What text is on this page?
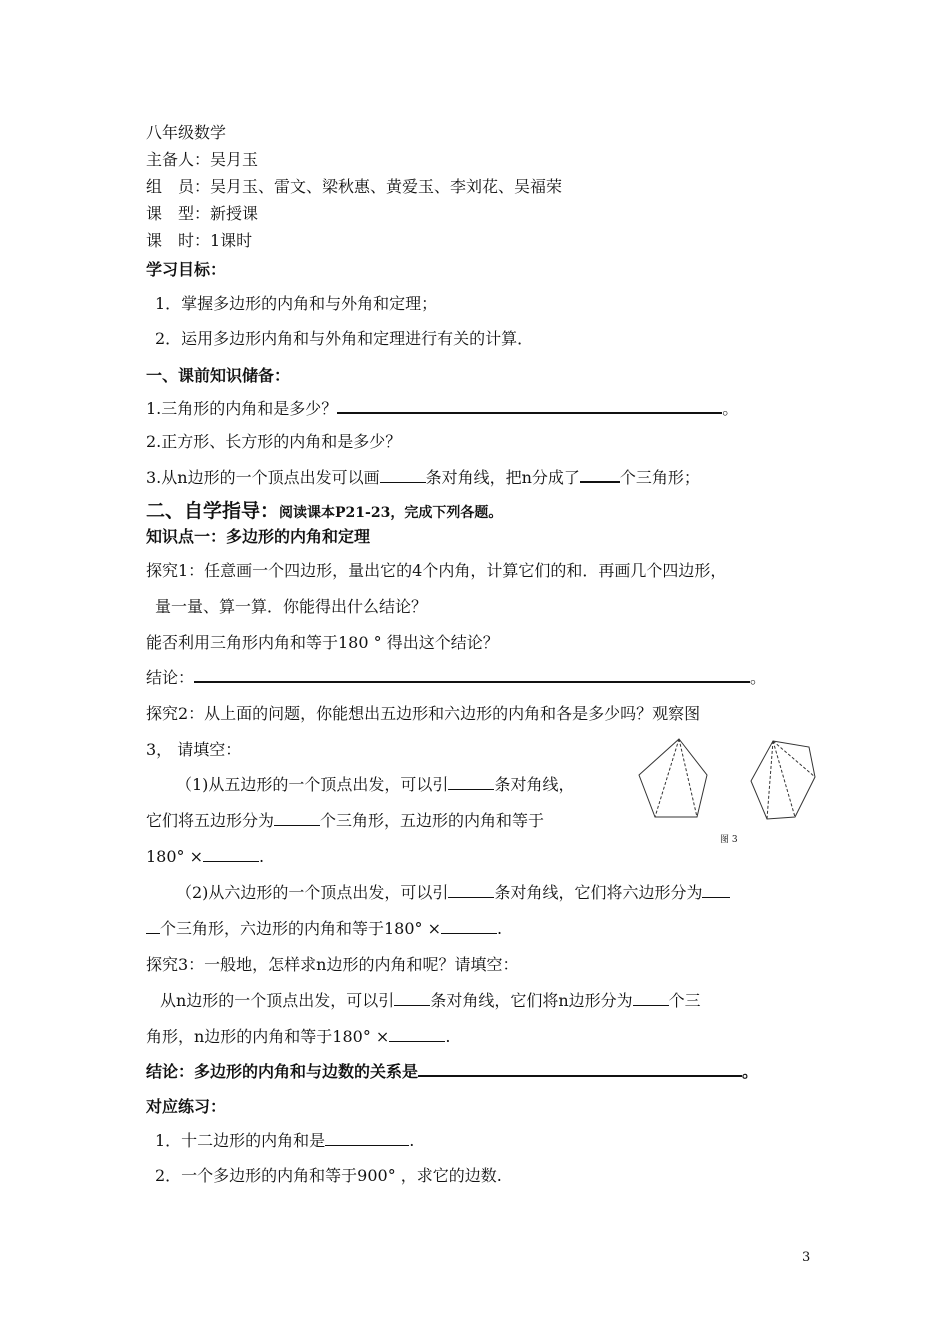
八年级数学
主备人：吴月玉
组　员：吴月玉、雷文、梁秋惠、黄爱玉、李刘花、吴福荣
课　型：新授课
课　时：1课时
学习目标：
1．掌握多边形的内角和与外角和定理；
2．运用多边形内角和与外角和定理进行有关的计算．
一、课前知识储备：
1.三角形的内角和是多少？	。
2.正方形、长方形的内角和是多少？
3.从n边形的一个顶点出发可以画	条对角线，把n分成了	个三角形；
二、自学指导：阅读课本P21-23，完成下列各题。
知识点一：多边形的内角和定理
探究1：任意画一个四边形，量出它的4个内角，计算它们的和．再画几个四边形，
量一量、算一算．你能得出什么结论？
能否利用三角形内角和等于180 ° 得出这个结论？
结论：	。
探究2：从上面的问题，你能想出五边形和六边形的内角和各是多少吗？观察图
3， 请填空：
（1)从五边形的一个顶点出发，可以引	条对角线，
它们将五边形分为	个三角形，五边形的内角和等于
180° ×	.
（2)从六边形的一个顶点出发，可以引	条对角线，它们将六边形分为
个三角形，六边形的内角和等于180° ×	.
探究3：一般地，怎样求n边形的内角和呢？请填空：
从n边形的一个顶点出发，可以引 条对角线，它们将n边形分为 个三
角形，n边形的内角和等于180° ×	.
结论：多边形的内角和与边数的关系是	。
对应练习：
1．十二边形的内角和是	.
2．一个多边形的内角和等于900° ，求它的边数.
图 3
3
